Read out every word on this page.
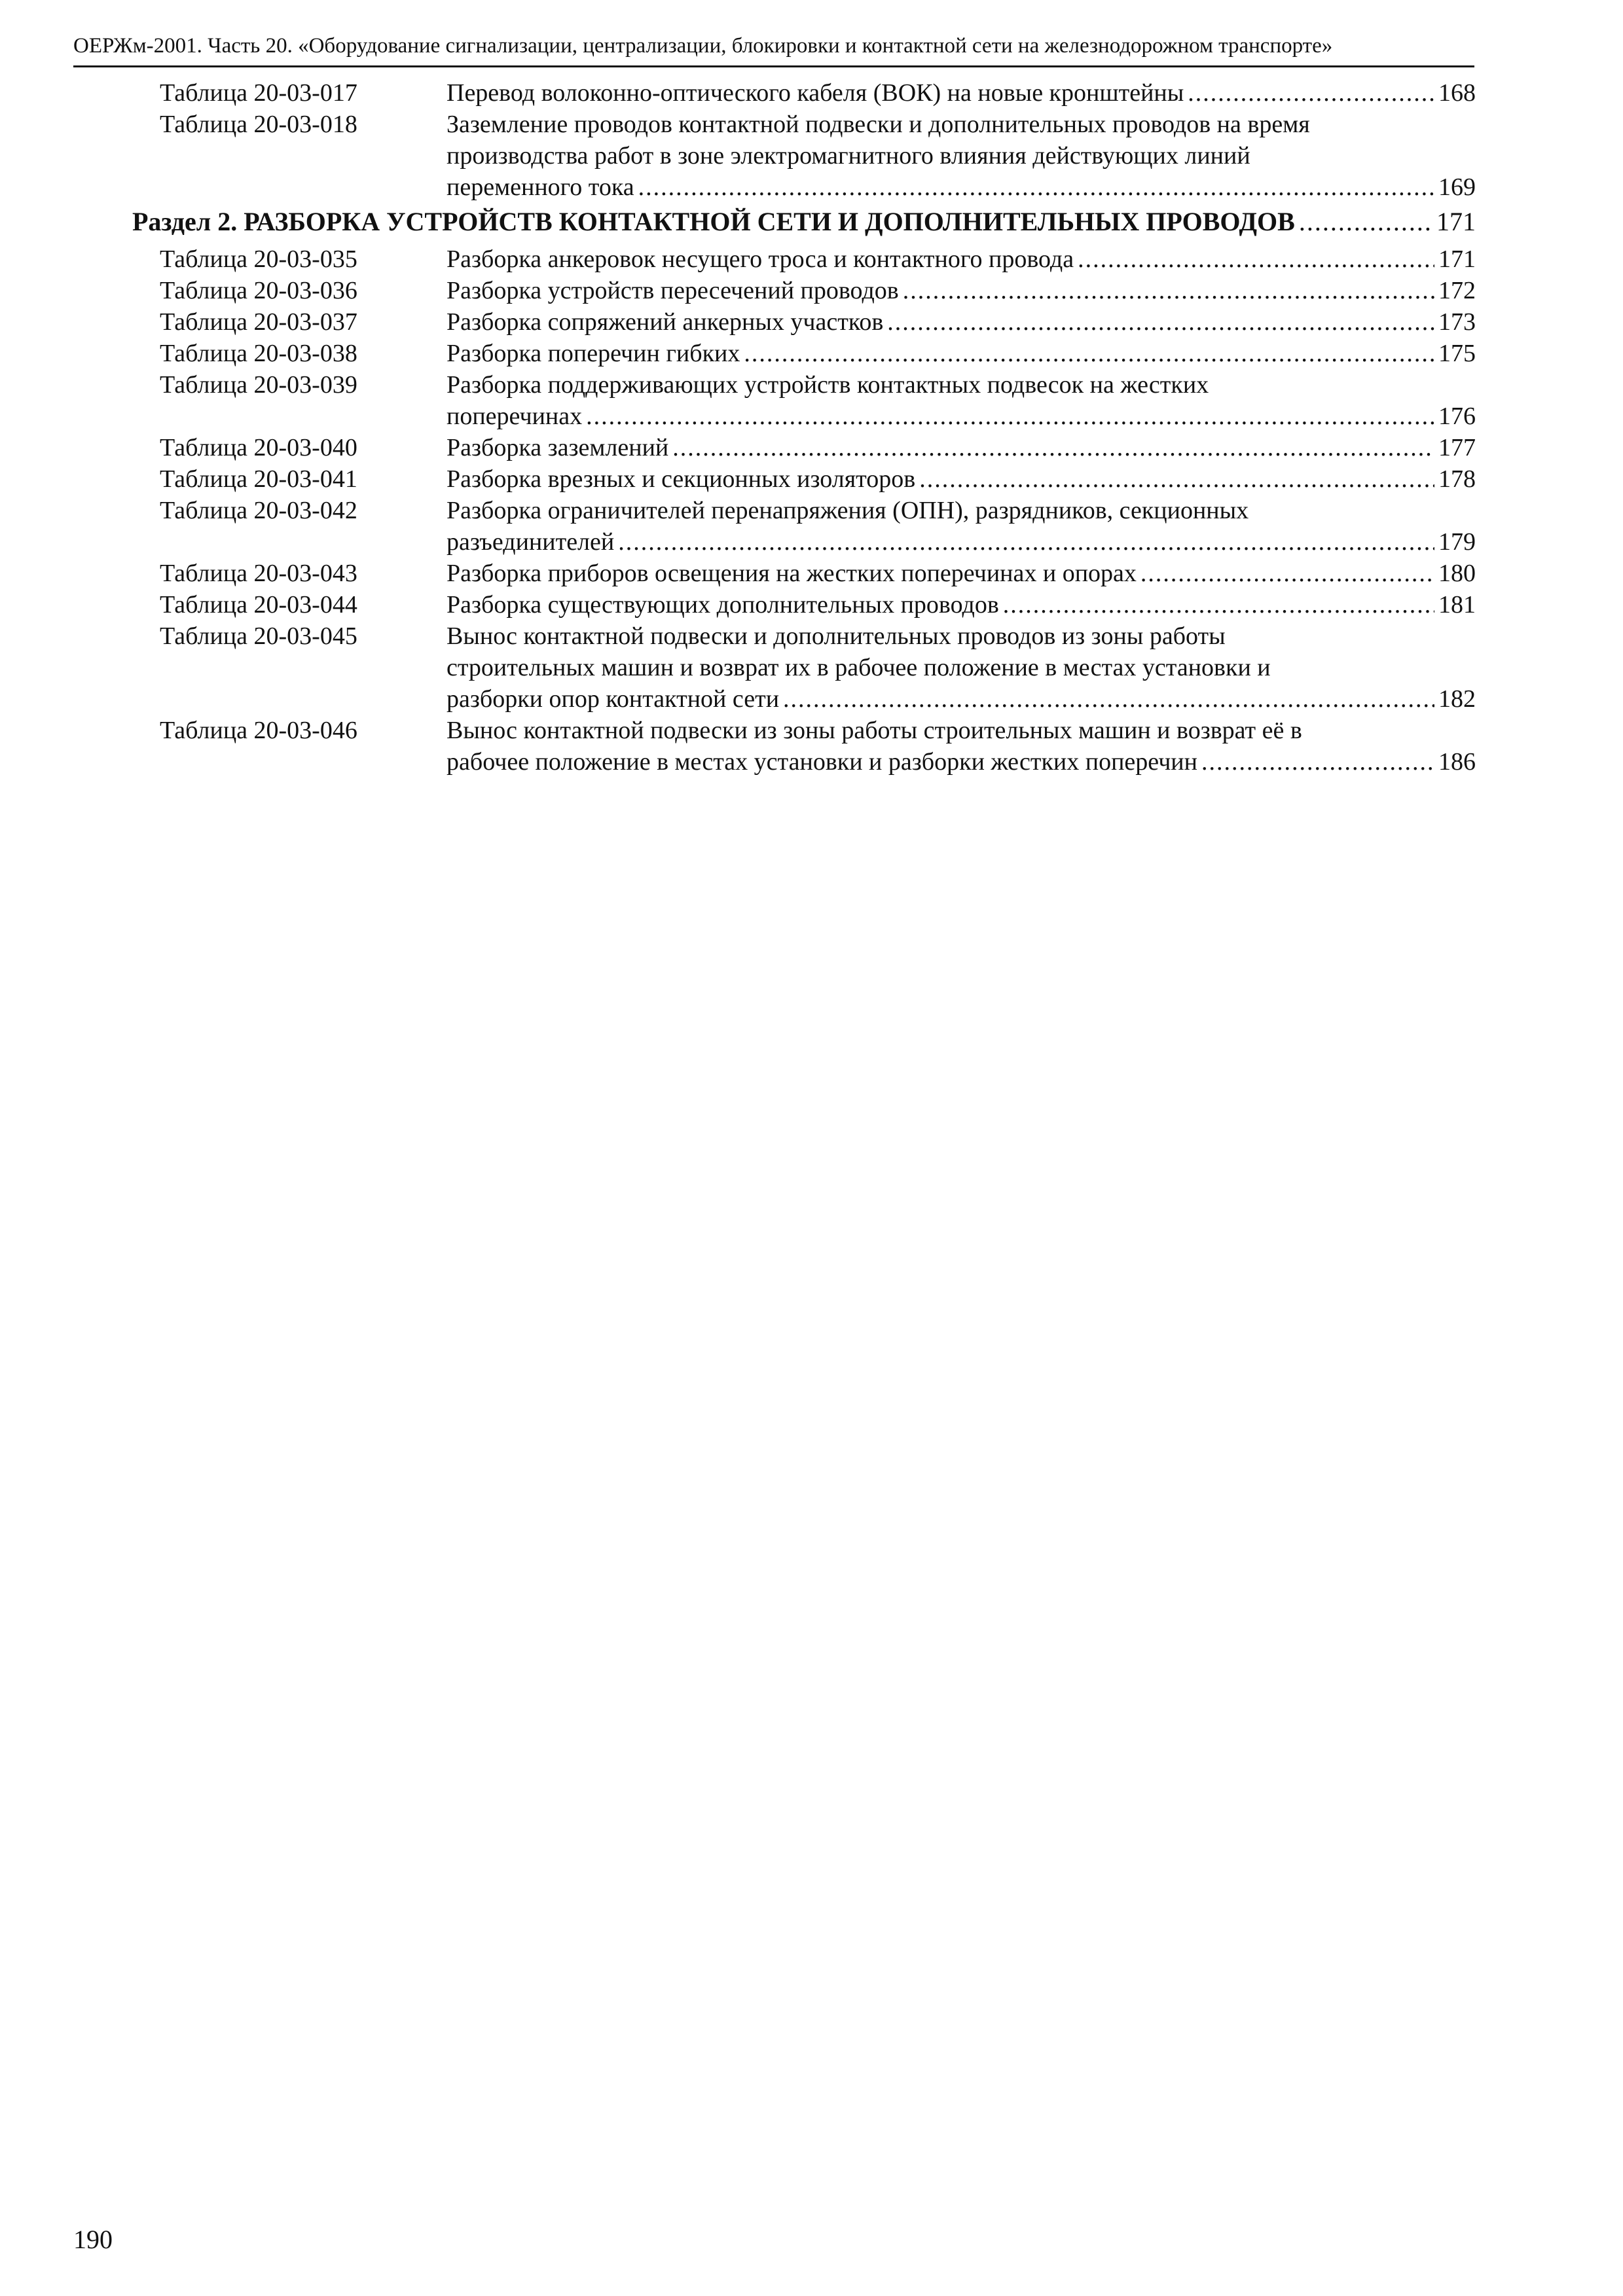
ОЕРЖм-2001. Часть 20. «Оборудование сигнализации, централизации, блокировки и контактной сети на железнодорожном транспорте»
Таблица 20-03-017	Перевод волоконно-оптического кабеля (ВОК) на новые кронштейны .....	168
Таблица 20-03-018	Заземление проводов контактной подвески и дополнительных проводов на время
производства работ в зоне электромагнитного влияния действующих линий
переменного тока .....	169
Раздел 2. РАЗБОРКА УСТРОЙСТВ КОНТАКТНОЙ СЕТИ И ДОПОЛНИТЕЛЬНЫХ ПРОВОДОВ .....	171
Таблица 20-03-035	Разборка анкеровок несущего троса и контактного провода .....	171
Таблица 20-03-036	Разборка устройств пересечений проводов .....	172
Таблица 20-03-037	Разборка сопряжений анкерных участков .....	173
Таблица 20-03-038	Разборка поперечин гибких .....	175
Таблица 20-03-039	Разборка поддерживающих устройств контактных подвесок на жестких
поперечинах .....	176
Таблица 20-03-040	Разборка заземлений .....	177
Таблица 20-03-041	Разборка врезных и секционных изоляторов .....	178
Таблица 20-03-042	Разборка ограничителей перенапряжения (ОПН), разрядников, секционных
разъединителей .....	179
Таблица 20-03-043	Разборка приборов освещения на жестких поперечинах и опорах .....	180
Таблица 20-03-044	Разборка существующих дополнительных проводов .....	181
Таблица 20-03-045	Вынос контактной подвески и дополнительных проводов из зоны работы
строительных машин и возврат их в рабочее положение в местах установки и
разборки опор контактной сети .....	182
Таблица 20-03-046	Вынос контактной подвески из зоны работы строительных машин и возврат её в
рабочее положение в местах установки и разборки жестких поперечин .....	186
190
